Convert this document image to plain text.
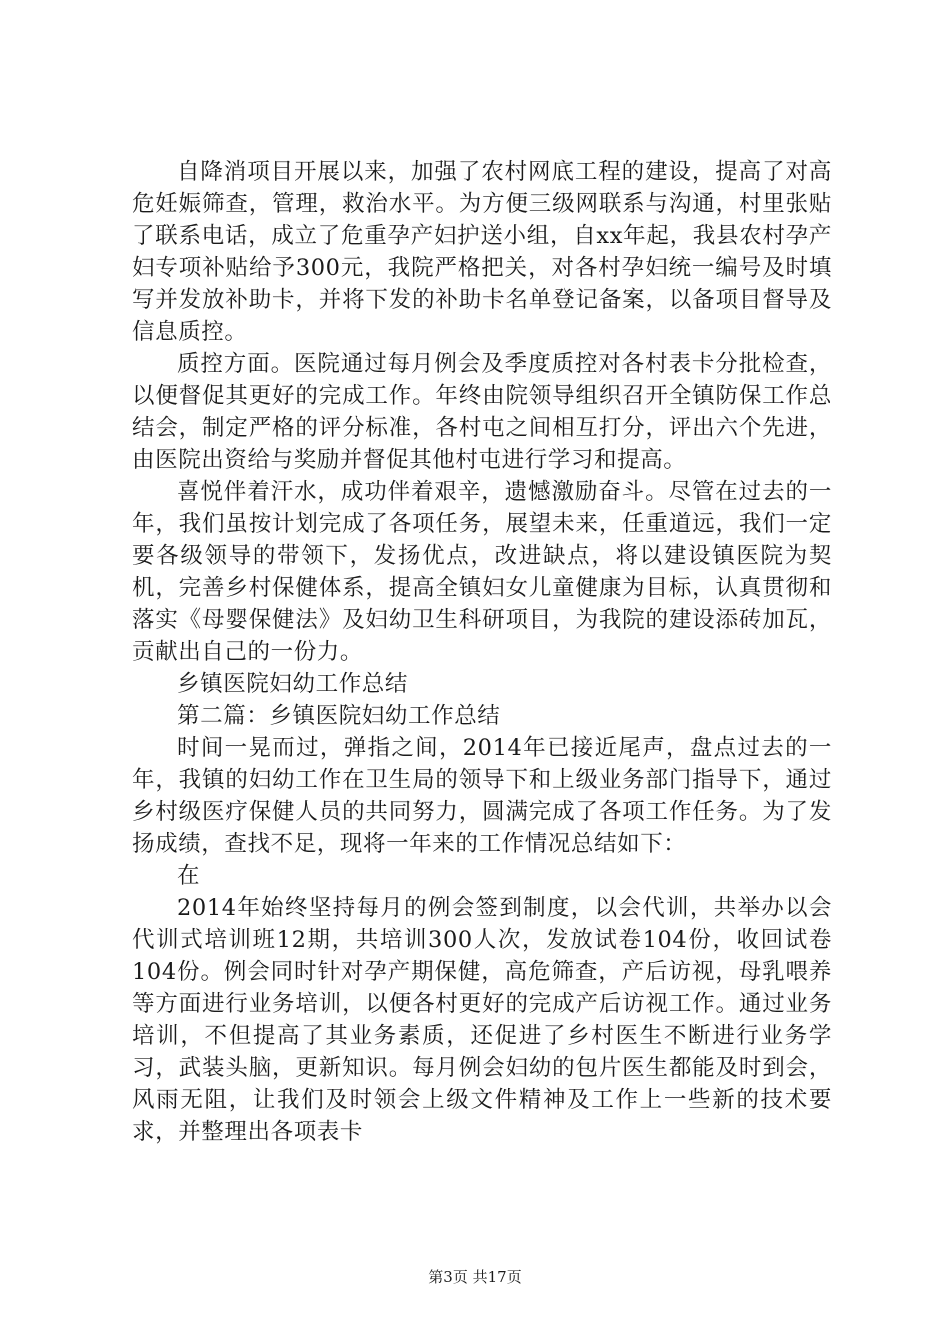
自降消项目开展以来，加强了农村网底工程的建设，提高了对高危妊娠筛查，管理，救治水平。为方便三级网联系与沟通，村里张贴了联系电话，成立了危重孕产妇护送小组，自xx年起，我县农村孕产妇专项补贴给予300元，我院严格把关，对各村孕妇统一编号及时填写并发放补助卡，并将下发的补助卡名单登记备案，以备项目督导及信息质控。

质控方面。医院通过每月例会及季度质控对各村表卡分批检查，以便督促其更好的完成工作。年终由院领导组织召开全镇防保工作总结会，制定严格的评分标准，各村屯之间相互打分，评出六个先进，由医院出资给与奖励并督促其他村屯进行学习和提高。

喜悦伴着汗水，成功伴着艰辛，遗憾激励奋斗。尽管在过去的一年，我们虽按计划完成了各项任务，展望未来，任重道远，我们一定要各级领导的带领下，发扬优点，改进缺点，将以建设镇医院为契机，完善乡村保健体系，提高全镇妇女儿童健康为目标，认真贯彻和落实《母婴保健法》及妇幼卫生科研项目，为我院的建设添砖加瓦，贡献出自己的一份力。

乡镇医院妇幼工作总结

第二篇：乡镇医院妇幼工作总结

时间一晃而过，弹指之间，2014年已接近尾声，盘点过去的一年，我镇的妇幼工作在卫生局的领导下和上级业务部门指导下，通过乡村级医疗保健人员的共同努力，圆满完成了各项工作任务。为了发扬成绩，查找不足，现将一年来的工作情况总结如下：

在

2014年始终坚持每月的例会签到制度，以会代训，共举办以会代训式培训班12期，共培训300人次，发放试卷104份，收回试卷104份。例会同时针对孕产期保健，高危筛查，产后访视，母乳喂养等方面进行业务培训，以便各村更好的完成产后访视工作。通过业务培训，不但提高了其业务素质，还促进了乡村医生不断进行业务学习，武装头脑，更新知识。每月例会妇幼的包片医生都能及时到会，风雨无阻，让我们及时领会上级文件精神及工作上一些新的技术要求，并整理出各项表卡

第3页 共17页
